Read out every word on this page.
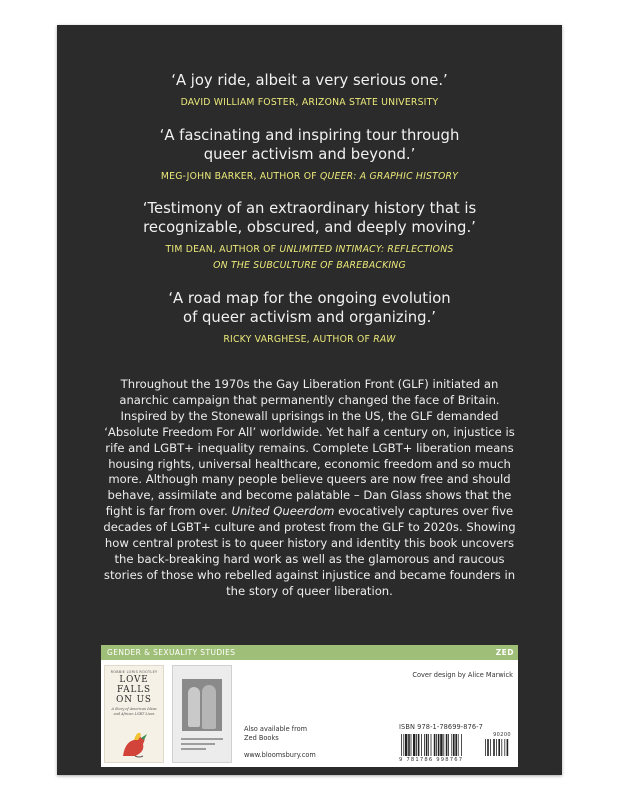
‘A joy ride, albeit a very serious one.’
DAVID WILLIAM FOSTER, ARIZONA STATE UNIVERSITY
‘A fascinating and inspiring tour through
queer activism and beyond.’
MEG-JOHN BARKER, AUTHOR OF QUEER: A GRAPHIC HISTORY
‘Testimony of an extraordinary history that is
recognizable, obscured, and deeply moving.’
TIM DEAN, AUTHOR OF UNLIMITED INTIMACY: REFLECTIONS
ON THE SUBCULTURE OF BAREBACKING
‘A road map for the ongoing evolution
of queer activism and organizing.’
RICKY VARGHESE, AUTHOR OF RAW
Throughout the 1970s the Gay Liberation Front (GLF) initiated an anarchic campaign that permanently changed the face of Britain. Inspired by the Stonewall uprisings in the US, the GLF demanded ‘Absolute Freedom For All’ worldwide. Yet half a century on, injustice is rife and LGBT+ inequality remains. Complete LGBT+ liberation means housing rights, universal healthcare, economic freedom and so much more. Although many people believe queers are now free and should behave, assimilate and become palatable – Dan Glass shows that the fight is far from over. United Queerdom evocatively captures over five decades of LGBT+ culture and protest from the GLF to 2020s. Showing how central protest is to queer history and identity this book uncovers the back-breaking hard work as well as the glamorous and raucous stories of those who rebelled against injustice and became founders in the story of queer liberation.
GENDER & SEXUALITY STUDIES	ZED
ROBBIE LORIS ROOTLEY
LOVE
FALLS
ON US
A Story of American Ideas and African LGBT Lives
Also available from
Zed Books
www.bloomsbury.com
Cover design by Alice Marwick
ISBN 978-1-78699-876-7
90200
9 781786 998767
